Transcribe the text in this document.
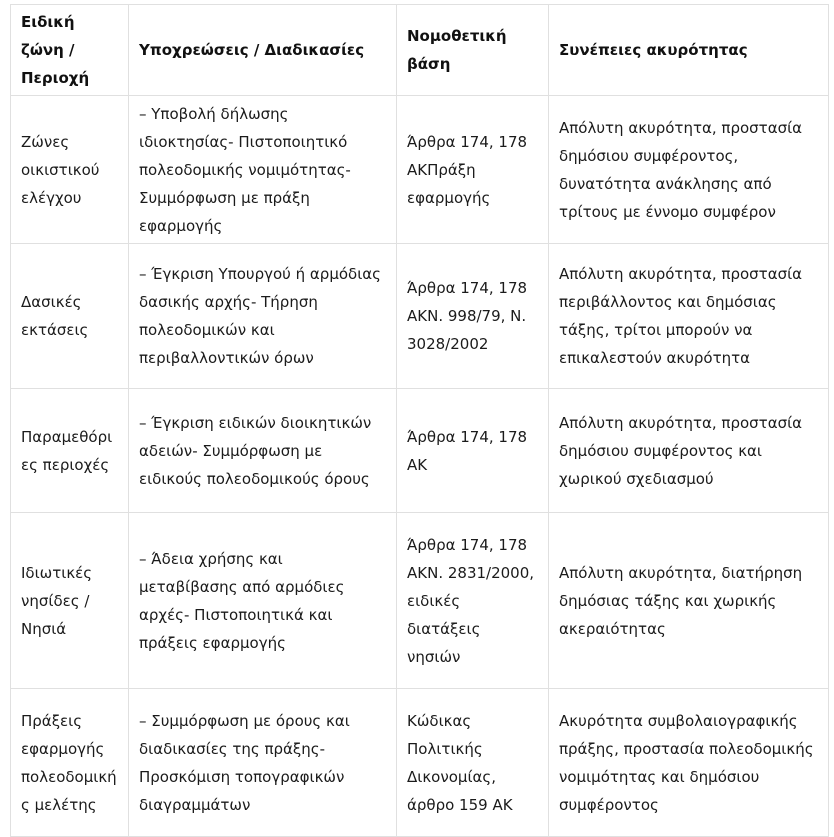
Ειδική ζώνη / Περιοχή	Υποχρεώσεις / Διαδικασίες	Νομοθετική βάση	Συνέπειες ακυρότητας
Ζώνες οικιστικού ελέγχου	– Υποβολή δήλωσης ιδιοκτησίας- Πιστοποιητικό πολεοδομικής νομιμότητας- Συμμόρφωση με πράξη εφαρμογής	Άρθρα 174, 178 ΑΚΠράξη εφαρμογής	Απόλυτη ακυρότητα, προστασία δημόσιου συμφέροντος, δυνατότητα ανάκλησης από τρίτους με έννομο συμφέρον
Δασικές εκτάσεις	– Έγκριση Υπουργού ή αρμόδιας δασικής αρχής- Τήρηση πολεοδομικών και περιβαλλοντικών όρων	Άρθρα 174, 178 ΑΚΝ. 998/79, Ν. 3028/2002	Απόλυτη ακυρότητα, προστασία περιβάλλοντος και δημόσιας τάξης, τρίτοι μπορούν να επικαλεστούν ακυρότητα
Παραμεθόριες περιοχές	– Έγκριση ειδικών διοικητικών αδειών- Συμμόρφωση με ειδικούς πολεοδομικούς όρους	Άρθρα 174, 178 ΑΚ	Απόλυτη ακυρότητα, προστασία δημόσιου συμφέροντος και χωρικού σχεδιασμού
Ιδιωτικές νησίδες / Νησιά	– Άδεια χρήσης και μεταβίβασης από αρμόδιες αρχές- Πιστοποιητικά και πράξεις εφαρμογής	Άρθρα 174, 178 ΑΚΝ. 2831/2000, ειδικές διατάξεις νησιών	Απόλυτη ακυρότητα, διατήρηση δημόσιας τάξης και χωρικής ακεραιότητας
Πράξεις εφαρμογής πολεοδομικής μελέτης	– Συμμόρφωση με όρους και διαδικασίες της πράξης- Προσκόμιση τοπογραφικών διαγραμμάτων	Κώδικας Πολιτικής Δικονομίας, άρθρο 159 ΑΚ	Ακυρότητα συμβολαιογραφικής πράξης, προστασία πολεοδομικής νομιμότητας και δημόσιου συμφέροντος
